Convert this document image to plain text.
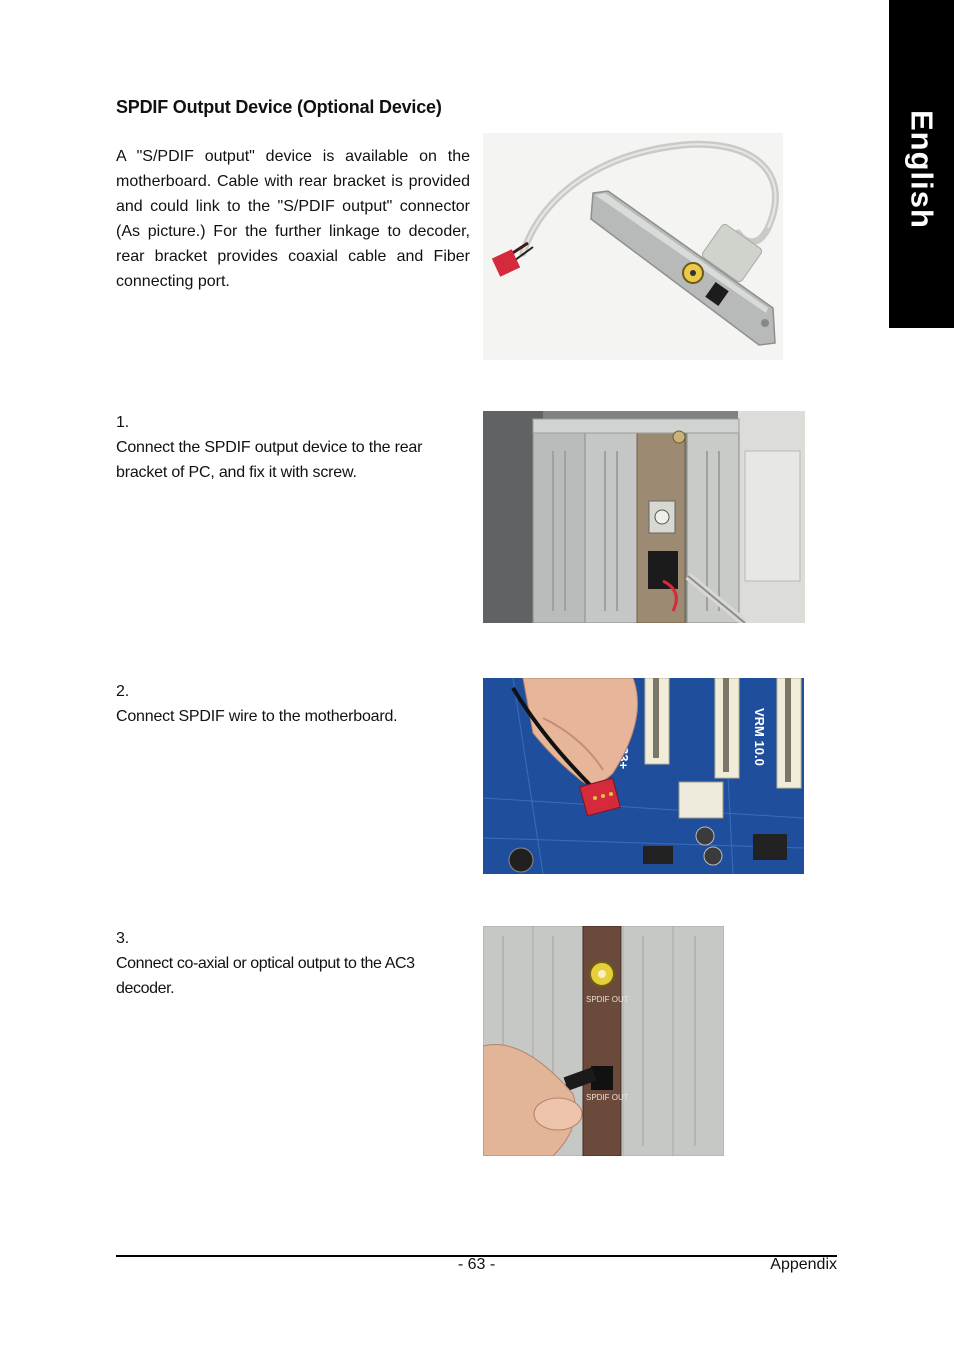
English
SPDIF Output Device (Optional Device)
A "S/PDIF output" device is available on the motherboard. Cable with rear bracket is provided and could link to the "S/PDIF output" connector (As picture.) For the further linkage to decoder, rear bracket provides coaxial cable and Fiber connecting port.
1.
Connect the SPDIF output device to the rear bracket of PC, and fix it with screw.
2.
Connect SPDIF wire to the motherboard.	VRM 10.0
3.
Connect co-axial or optical output to the AC3 decoder.
SPDIF OUT
SPDIF OUT
- 63 -	Appendix
